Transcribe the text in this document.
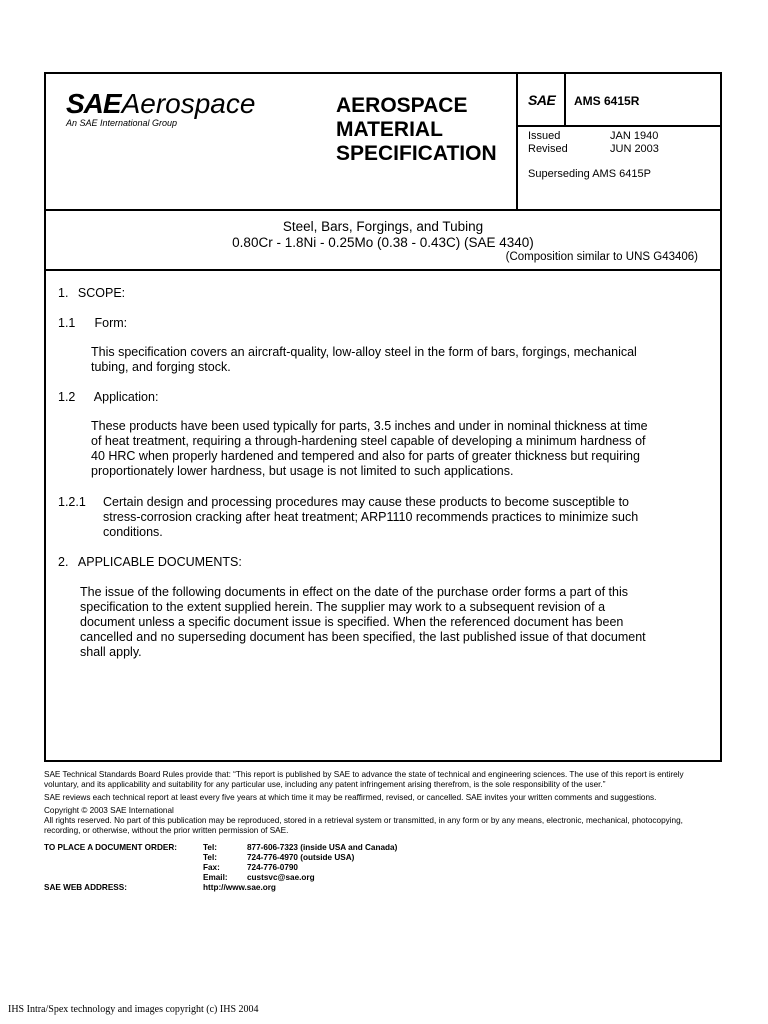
SAE Aerospace
An SAE International Group
AEROSPACE
MATERIAL
SPECIFICATION
SAE AMS 6415R
Issued	JAN 1940
Revised	JUN 2003
Superseding AMS 6415P
Steel, Bars, Forgings, and Tubing
0.80Cr - 1.8Ni - 0.25Mo (0.38 - 0.43C) (SAE 4340)
(Composition similar to UNS G43406)
1. SCOPE:
1.1 Form:
This specification covers an aircraft-quality, low-alloy steel in the form of bars, forgings, mechanical
tubing, and forging stock.
1.2 Application:
These products have been used typically for parts, 3.5 inches and under in nominal thickness at time
of heat treatment, requiring a through-hardening steel capable of developing a minimum hardness of
40 HRC when properly hardened and tempered and also for parts of greater thickness but requiring
proportionately lower hardness, but usage is not limited to such applications.
1.2.1 Certain design and processing procedures may cause these products to become susceptible to
stress-corrosion cracking after heat treatment; ARP1110 recommends practices to minimize such
conditions.
2. APPLICABLE DOCUMENTS:
The issue of the following documents in effect on the date of the purchase order forms a part of this
specification to the extent supplied herein. The supplier may work to a subsequent revision of a
document unless a specific document issue is specified. When the referenced document has been
cancelled and no superseding document has been specified, the last published issue of that document
shall apply.

SAE Technical Standards Board Rules provide that: “This report is published by SAE to advance the state of technical and engineering sciences. The use of this report is entirely
voluntary, and its applicability and suitability for any particular use, including any patent infringement arising therefrom, is the sole responsibility of the user.”

SAE reviews each technical report at least every five years at which time it may be reaffirmed, revised, or cancelled. SAE invites your written comments and suggestions.

Copyright © 2003 SAE International
All rights reserved. No part of this publication may be reproduced, stored in a retrieval system or transmitted, in any form or by any means, electronic, mechanical, photocopying,
recording, or otherwise, without the prior written permission of SAE.

TO PLACE A DOCUMENT ORDER:	Tel:	877-606-7323 (inside USA and Canada)
Tel:	724-776-4970 (outside USA)
Fax:	724-776-0790
Email:	custsvc@sae.org
SAE WEB ADDRESS:	http://www.sae.org
IHS Intra/Spex technology and images copyright (c) IHS 2004
